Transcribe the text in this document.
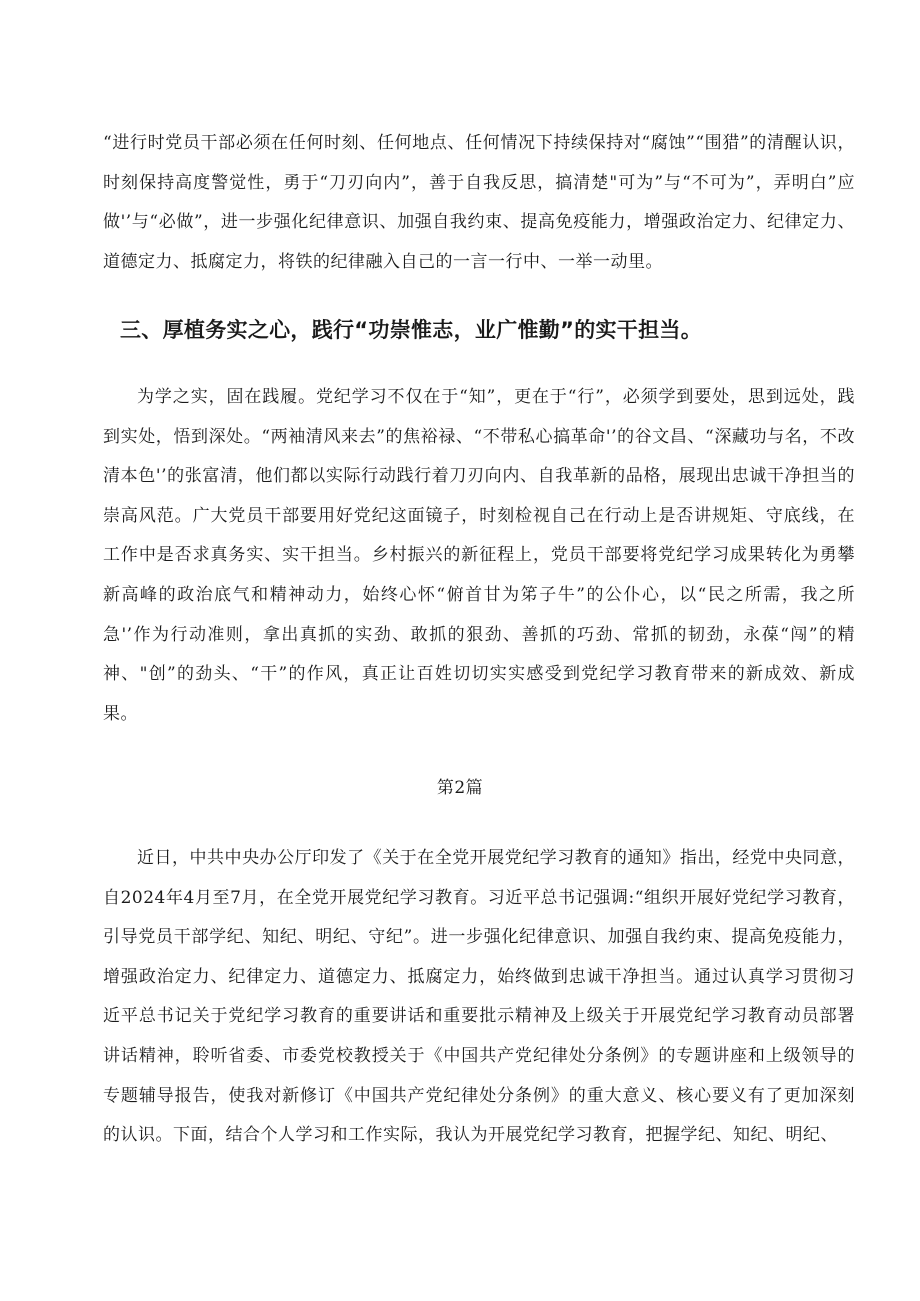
“进行时党员干部必须在任何时刻、任何地点、任何情况下持续保持对“腐蚀”“围猎”的清醒认识，时刻保持高度警觉性，勇于“刀刃向内”，善于自我反思，搞清楚"可为”与“不可为”，弄明白”应做'’与“必做”，进一步强化纪律意识、加强自我约束、提高免疫能力，增强政治定力、纪律定力、道德定力、抵腐定力，将铁的纪律融入自己的一言一行中、一举一动里。

三、厚植务实之心，践行“功崇惟志，业广惟勤”的实干担当。

为学之实，固在践履。党纪学习不仅在于“知”，更在于“行”，必须学到要处，思到远处，践到实处，悟到深处。“两袖清风来去”的焦裕禄、“不带私心搞革命'’的谷文昌、“深藏功与名，不改清本色'’的张富清，他们都以实际行动践行着刀刃向内、自我革新的品格，展现出忠诚干净担当的崇高风范。广大党员干部要用好党纪这面镜子，时刻检视自己在行动上是否讲规矩、守底线，在工作中是否求真务实、实干担当。乡村振兴的新征程上，党员干部要将党纪学习成果转化为勇攀新高峰的政治底气和精神动力，始终心怀“俯首甘为笫子牛”的公仆心，以“民之所需，我之所急'’作为行动准则，拿出真抓的实劲、敢抓的狠劲、善抓的巧劲、常抓的韧劲，永葆“闯”的精神、"创”的劲头、“干”的作风，真正让百姓切切实实感受到党纪学习教育带来的新成效、新成果。

第2篇

近日，中共中央办公厅印发了《关于在全党开展党纪学习教育的通知》指出，经党中央同意，自2024年4月至7月，在全党开展党纪学习教育。习近平总书记强调:“组织开展好党纪学习教育，引导党员干部学纪、知纪、明纪、守纪”。进一步强化纪律意识、加强自我约束、提高免疫能力，增强政治定力、纪律定力、道德定力、抵腐定力，始终做到忠诚干净担当。通过认真学习贯彻习近平总书记关于党纪学习教育的重要讲话和重要批示精神及上级关于开展党纪学习教育动员部署讲话精神，聆听省委、市委党校教授关于《中国共产党纪律处分条例》的专题讲座和上级领导的专题辅导报告，使我对新修订《中国共产党纪律处分条例》的重大意义、核心要义有了更加深刻的认识。下面，结合个人学习和工作实际，我认为开展党纪学习教育，把握学纪、知纪、明纪、
